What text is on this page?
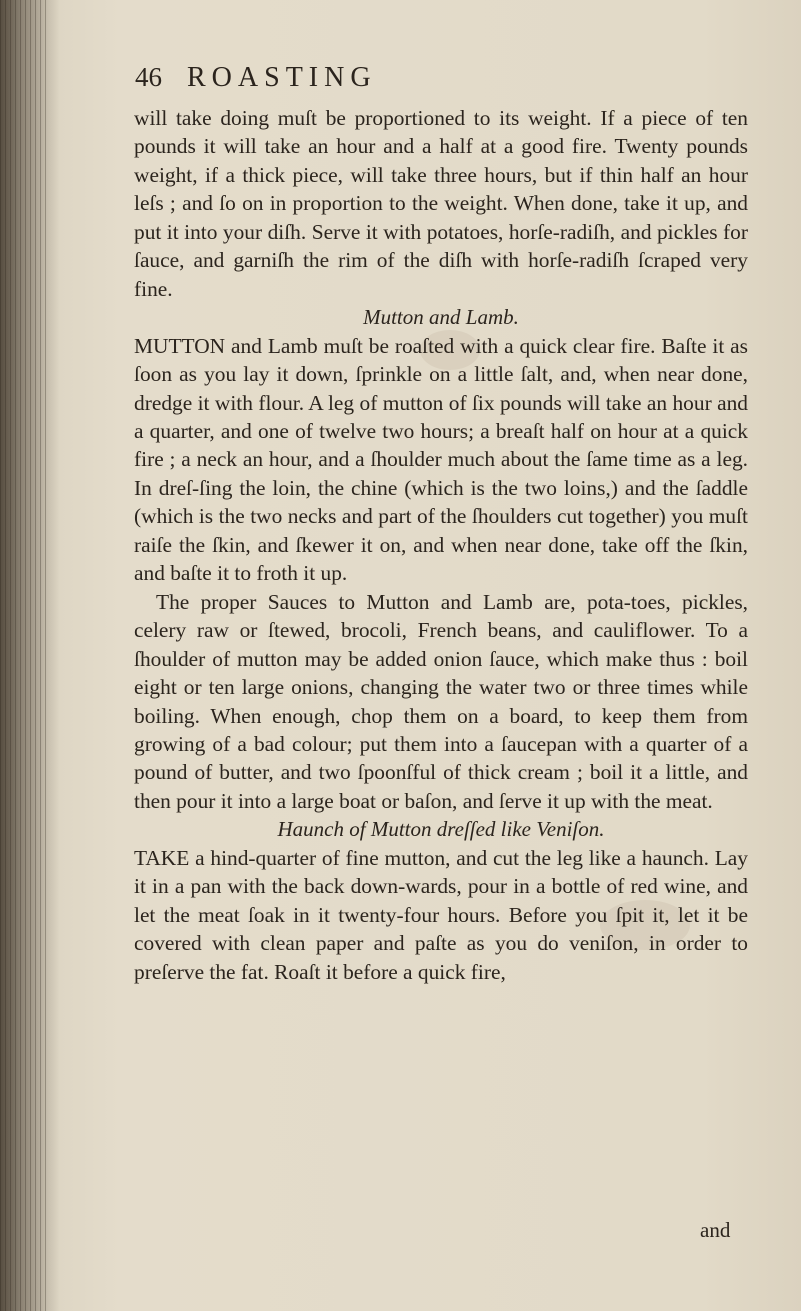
46 ROASTING

will take doing muſt be proportioned to its weight. If a piece of ten pounds it will take an hour and a half at a good fire. Twenty pounds weight, if a thick piece, will take three hours, but if thin half an hour leſs ; and ſo on in proportion to the weight. When done, take it up, and put it into your diſh. Serve it with potatoes, horſe-radiſh, and pickles for ſauce, and garniſh the rim of the diſh with horſe-radiſh ſcraped very fine.

Mutton and Lamb.

MUTTON and Lamb muſt be roaſted with a quick clear fire. Baſte it as ſoon as you lay it down, ſprinkle on a little ſalt, and, when near done, dredge it with flour. A leg of mutton of ſix pounds will take an hour and a quarter, and one of twelve two hours; a breaſt half on hour at a quick fire ; a neck an hour, and a ſhoulder much about the ſame time as a leg. In dreſ-ſing the loin, the chine (which is the two loins,) and the ſaddle (which is the two necks and part of the ſhoulders cut together) you muſt raiſe the ſkin, and ſkewer it on, and when near done, take off the ſkin, and baſte it to froth it up.

The proper Sauces to Mutton and Lamb are, pota-toes, pickles, celery raw or ſtewed, brocoli, French beans, and cauliflower. To a ſhoulder of mutton may be added onion ſauce, which make thus : boil eight or ten large onions, changing the water two or three times while boiling. When enough, chop them on a board, to keep them from growing of a bad colour; put them into a ſaucepan with a quarter of a pound of butter, and two ſpoonſful of thick cream ; boil it a little, and then pour it into a large boat or baſon, and ſerve it up with the meat.

Haunch of Mutton dreſſed like Veniſon.

TAKE a hind-quarter of fine mutton, and cut the leg like a haunch. Lay it in a pan with the back down-wards, pour in a bottle of red wine, and let the meat ſoak in it twenty-four hours. Before you ſpit it, let it be covered with clean paper and paſte as you do veniſon, in order to preſerve the fat. Roaſt it before a quick fire,

and
